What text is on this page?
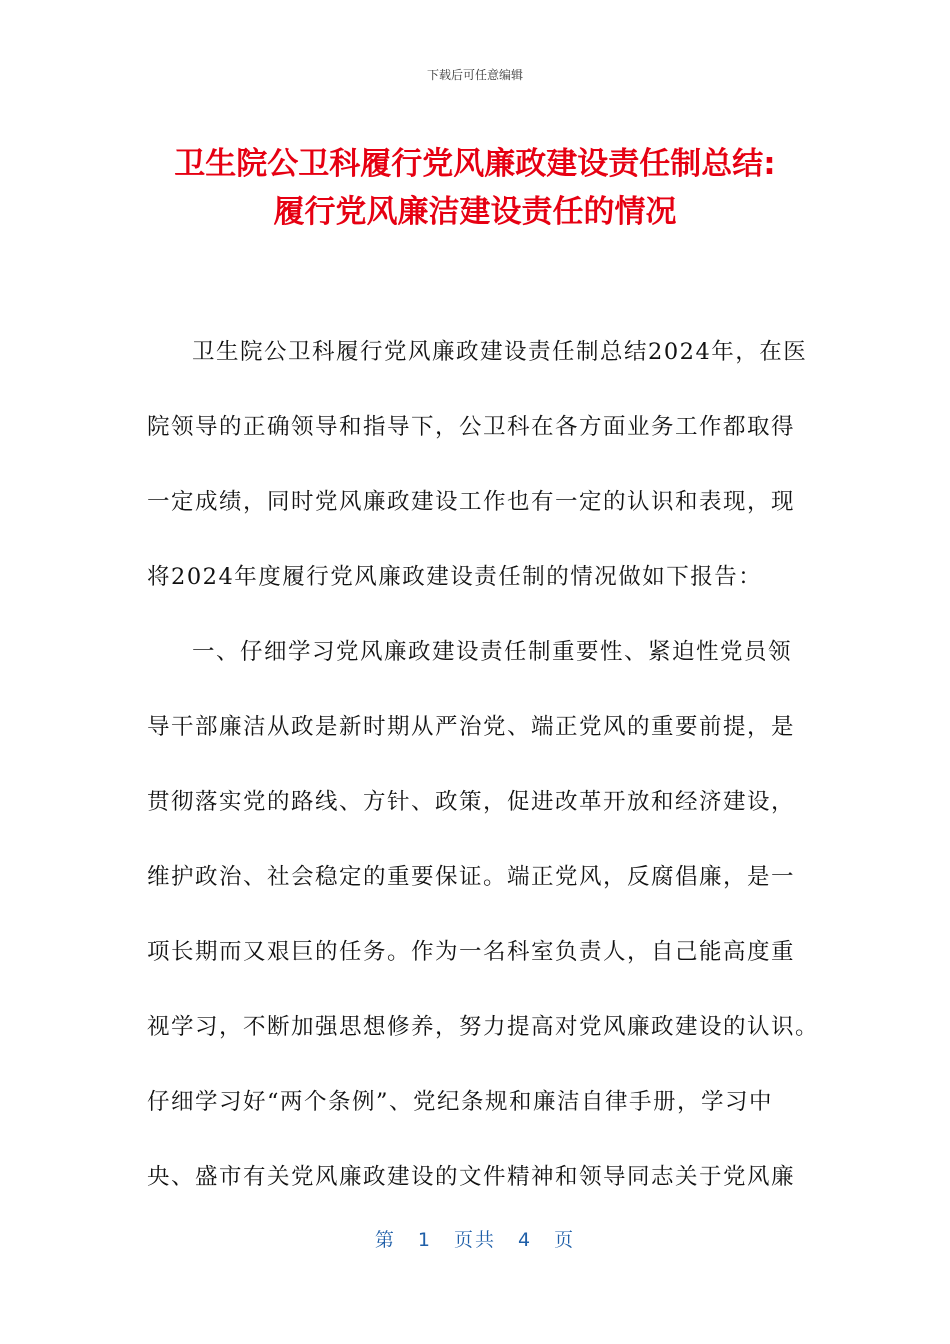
下载后可任意编辑
卫生院公卫科履行党风廉政建设责任制总结:
履行党风廉洁建设责任的情况
卫生院公卫科履行党风廉政建设责任制总结2024年，在医
院领导的正确领导和指导下，公卫科在各方面业务工作都取得
一定成绩，同时党风廉政建设工作也有一定的认识和表现，现
将2024年度履行党风廉政建设责任制的情况做如下报告：
一、仔细学习党风廉政建设责任制重要性、紧迫性党员领
导干部廉洁从政是新时期从严治党、端正党风的重要前提，是
贯彻落实党的路线、方针、政策，促进改革开放和经济建设，
维护政治、社会稳定的重要保证。端正党风，反腐倡廉，是一
项长期而又艰巨的任务。作为一名科室负责人，自己能高度重
视学习，不断加强思想修养，努力提高对党风廉政建设的认识。
仔细学习好“两个条例”、党纪条规和廉洁自律手册，学习中
央、盛市有关党风廉政建设的文件精神和领导同志关于党风廉
第 1 页共 4 页
